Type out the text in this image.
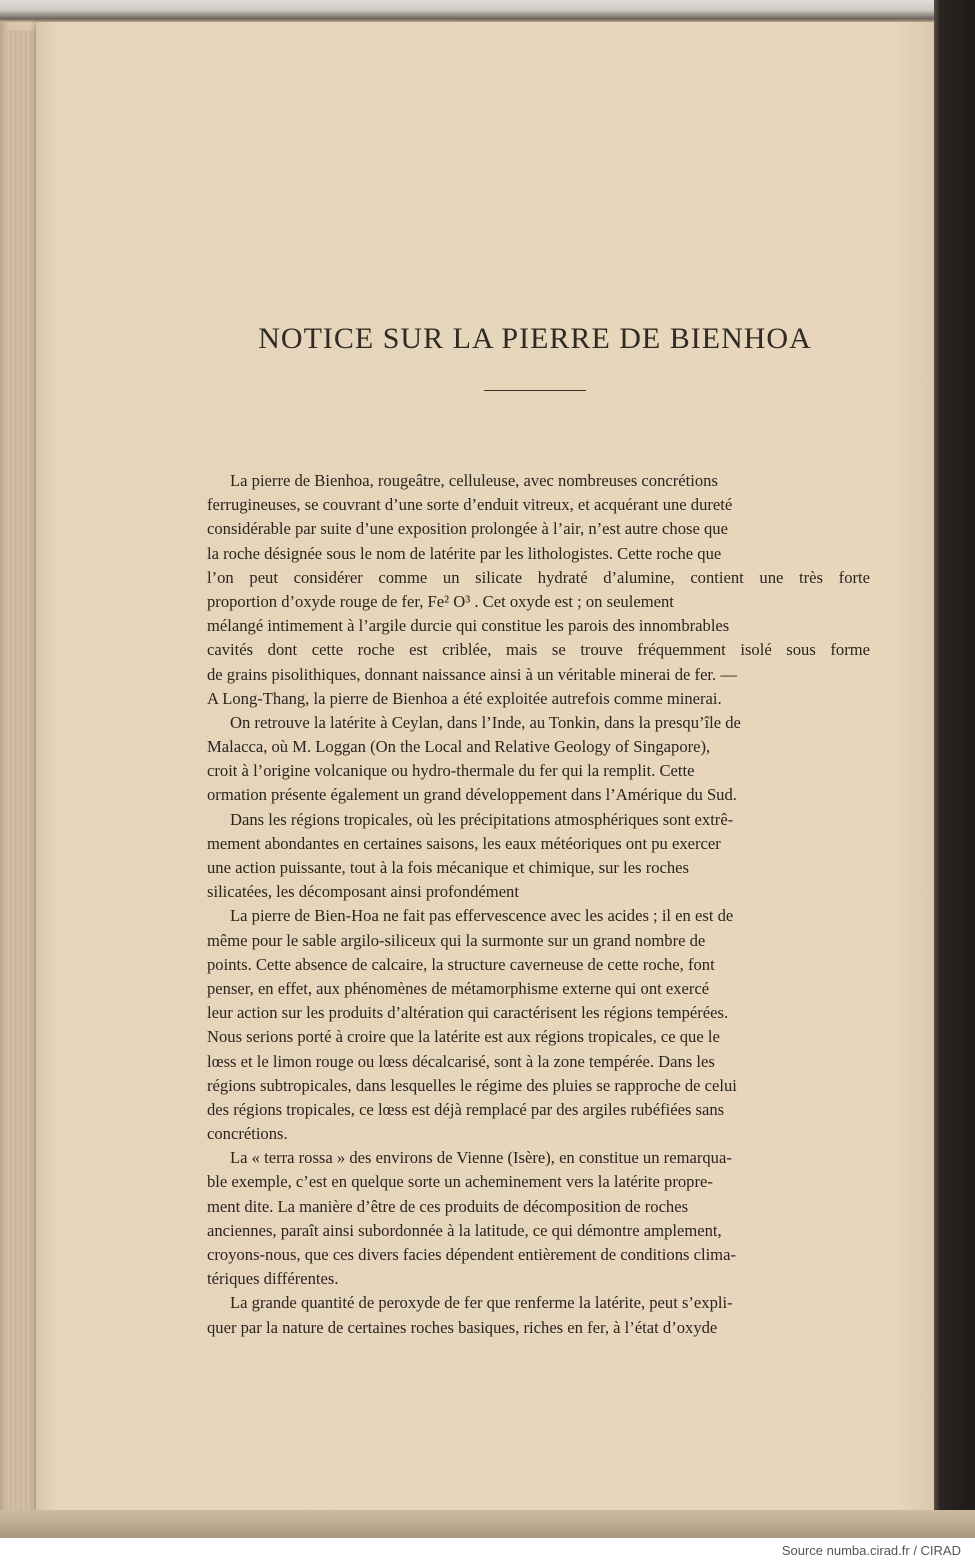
NOTICE SUR LA PIERRE DE BIENHOA
La pierre de Bienhoa, rougeâtre, celluleuse, avec nombreuses concrétions
ferrugineuses, se couvrant d’une sorte d’enduit vitreux, et acquérant une dureté
considérable par suite d’une exposition prolongée à l’air, n’est autre chose que
la roche désignée sous le nom de latérite par les lithologistes. Cette roche que
l’on peut considérer comme un silicate hydraté d’alumine, contient une très forte
proportion d’oxyde rouge de fer, Fe² O³ . Cet oxyde est ; on seulement
mélangé intimement à l’argile durcie qui constitue les parois des innombrables
cavités dont cette roche est criblée, mais se trouve fréquemment isolé sous forme
de grains pisolithiques, donnant naissance ainsi à un véritable minerai de fer. —
A Long-Thang, la pierre de Bienhoa a été exploitée autrefois comme minerai.
On retrouve la latérite à Ceylan, dans l’Inde, au Tonkin, dans la presqu’île de
Malacca, où M. Loggan (On the Local and Relative Geology of Singapore),
croit à l’origine volcanique ou hydro-thermale du fer qui la remplit. Cette
ormation présente également un grand développement dans l’Amérique du Sud.
Dans les régions tropicales, où les précipitations atmosphériques sont extrê-
mement abondantes en certaines saisons, les eaux météoriques ont pu exercer
une action puissante, tout à la fois mécanique et chimique, sur les roches
silicatées, les décomposant ainsi profondément
La pierre de Bien-Hoa ne fait pas effervescence avec les acides ; il en est de
même pour le sable argilo-siliceux qui la surmonte sur un grand nombre de
points. Cette absence de calcaire, la structure caverneuse de cette roche, font
penser, en effet, aux phénomènes de métamorphisme externe qui ont exercé
leur action sur les produits d’altération qui caractérisent les régions tempérées.
Nous serions porté à croire que la latérite est aux régions tropicales, ce que le
lœss et le limon rouge ou lœss décalcarisé, sont à la zone tempérée. Dans les
régions subtropicales, dans lesquelles le régime des pluies se rapproche de celui
des régions tropicales, ce lœss est déjà remplacé par des argiles rubéfiées sans
concrétions.
La « terra rossa » des environs de Vienne (Isère), en constitue un remarqua-
ble exemple, c’est en quelque sorte un acheminement vers la latérite propre-
ment dite. La manière d’être de ces produits de décomposition de roches
anciennes, paraît ainsi subordonnée à la latitude, ce qui démontre amplement,
croyons-nous, que ces divers facies dépendent entièrement de conditions clima-
tériques différentes.
La grande quantité de peroxyde de fer que renferme la latérite, peut s’expli-
quer par la nature de certaines roches basiques, riches en fer, à l’état d’oxyde
Source numba.cirad.fr / CIRAD
